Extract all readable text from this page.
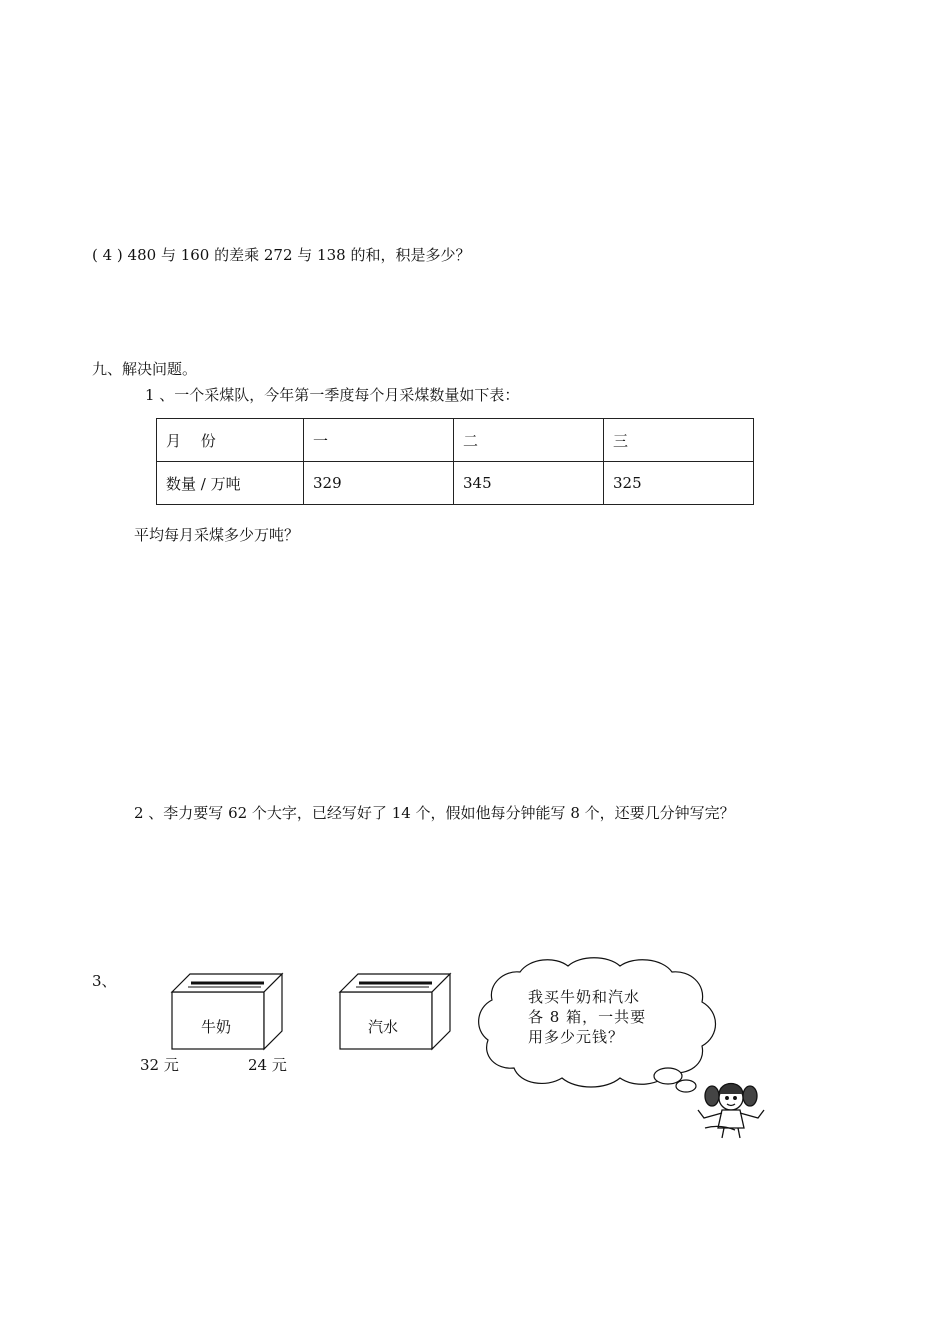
( 4 ) 480 与 160 的差乘 272 与 138 的和，积是多少？
九、解决问题。
1 、一个采煤队，今年第一季度每个月采煤数量如下表：
月　 份	一	二	三
数量 / 万吨	329	345	325
平均每月采煤多少万吨？
2 、李力要写 62 个大字，已经写好了 14 个，假如他每分钟能写 8 个，还要几分钟写完？
3、
牛奶	汽水
32 元	24 元
我买牛奶和汽水
各 8 箱，一共要
用多少元钱？
